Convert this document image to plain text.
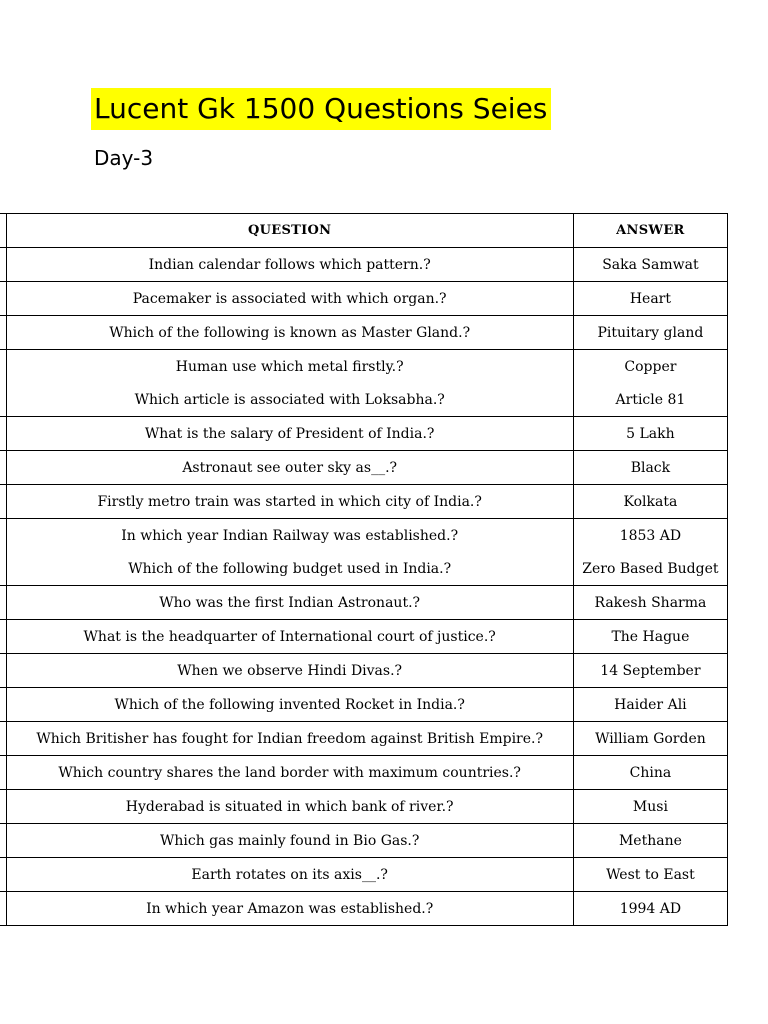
Lucent Gk 1500 Questions Seies
Day-3
	QUESTION	ANSWER
	Indian calendar follows which pattern.?	Saka Samwat
	Pacemaker is associated with which organ.?	Heart
	Which of the following is known as Master Gland.?	Pituitary gland
	Human use which metal firstly.?	Copper
	Which article is associated with Loksabha.?	Article 81
	What is the salary of President of India.?	5 Lakh
	Astronaut see outer sky as__.?	Black
	Firstly metro train was started in which city of India.?	Kolkata
	In which year Indian Railway was established.?	1853 AD
	Which of the following budget used in India.?	Zero Based Budget
	Who was the first Indian Astronaut.?	Rakesh Sharma
	What is the headquarter of International court of justice.?	The Hague
	When we observe Hindi Divas.?	14 September
	Which of the following invented Rocket in India.?	Haider Ali
	Which Britisher has fought for Indian freedom against British Empire.?	William Gorden
	Which country shares the land border with maximum countries.?	China
	Hyderabad is situated in which bank of river.?	Musi
	Which gas mainly found in Bio Gas.?	Methane
	Earth rotates on its axis__.?	West to East
	In which year Amazon was established.?	1994 AD
